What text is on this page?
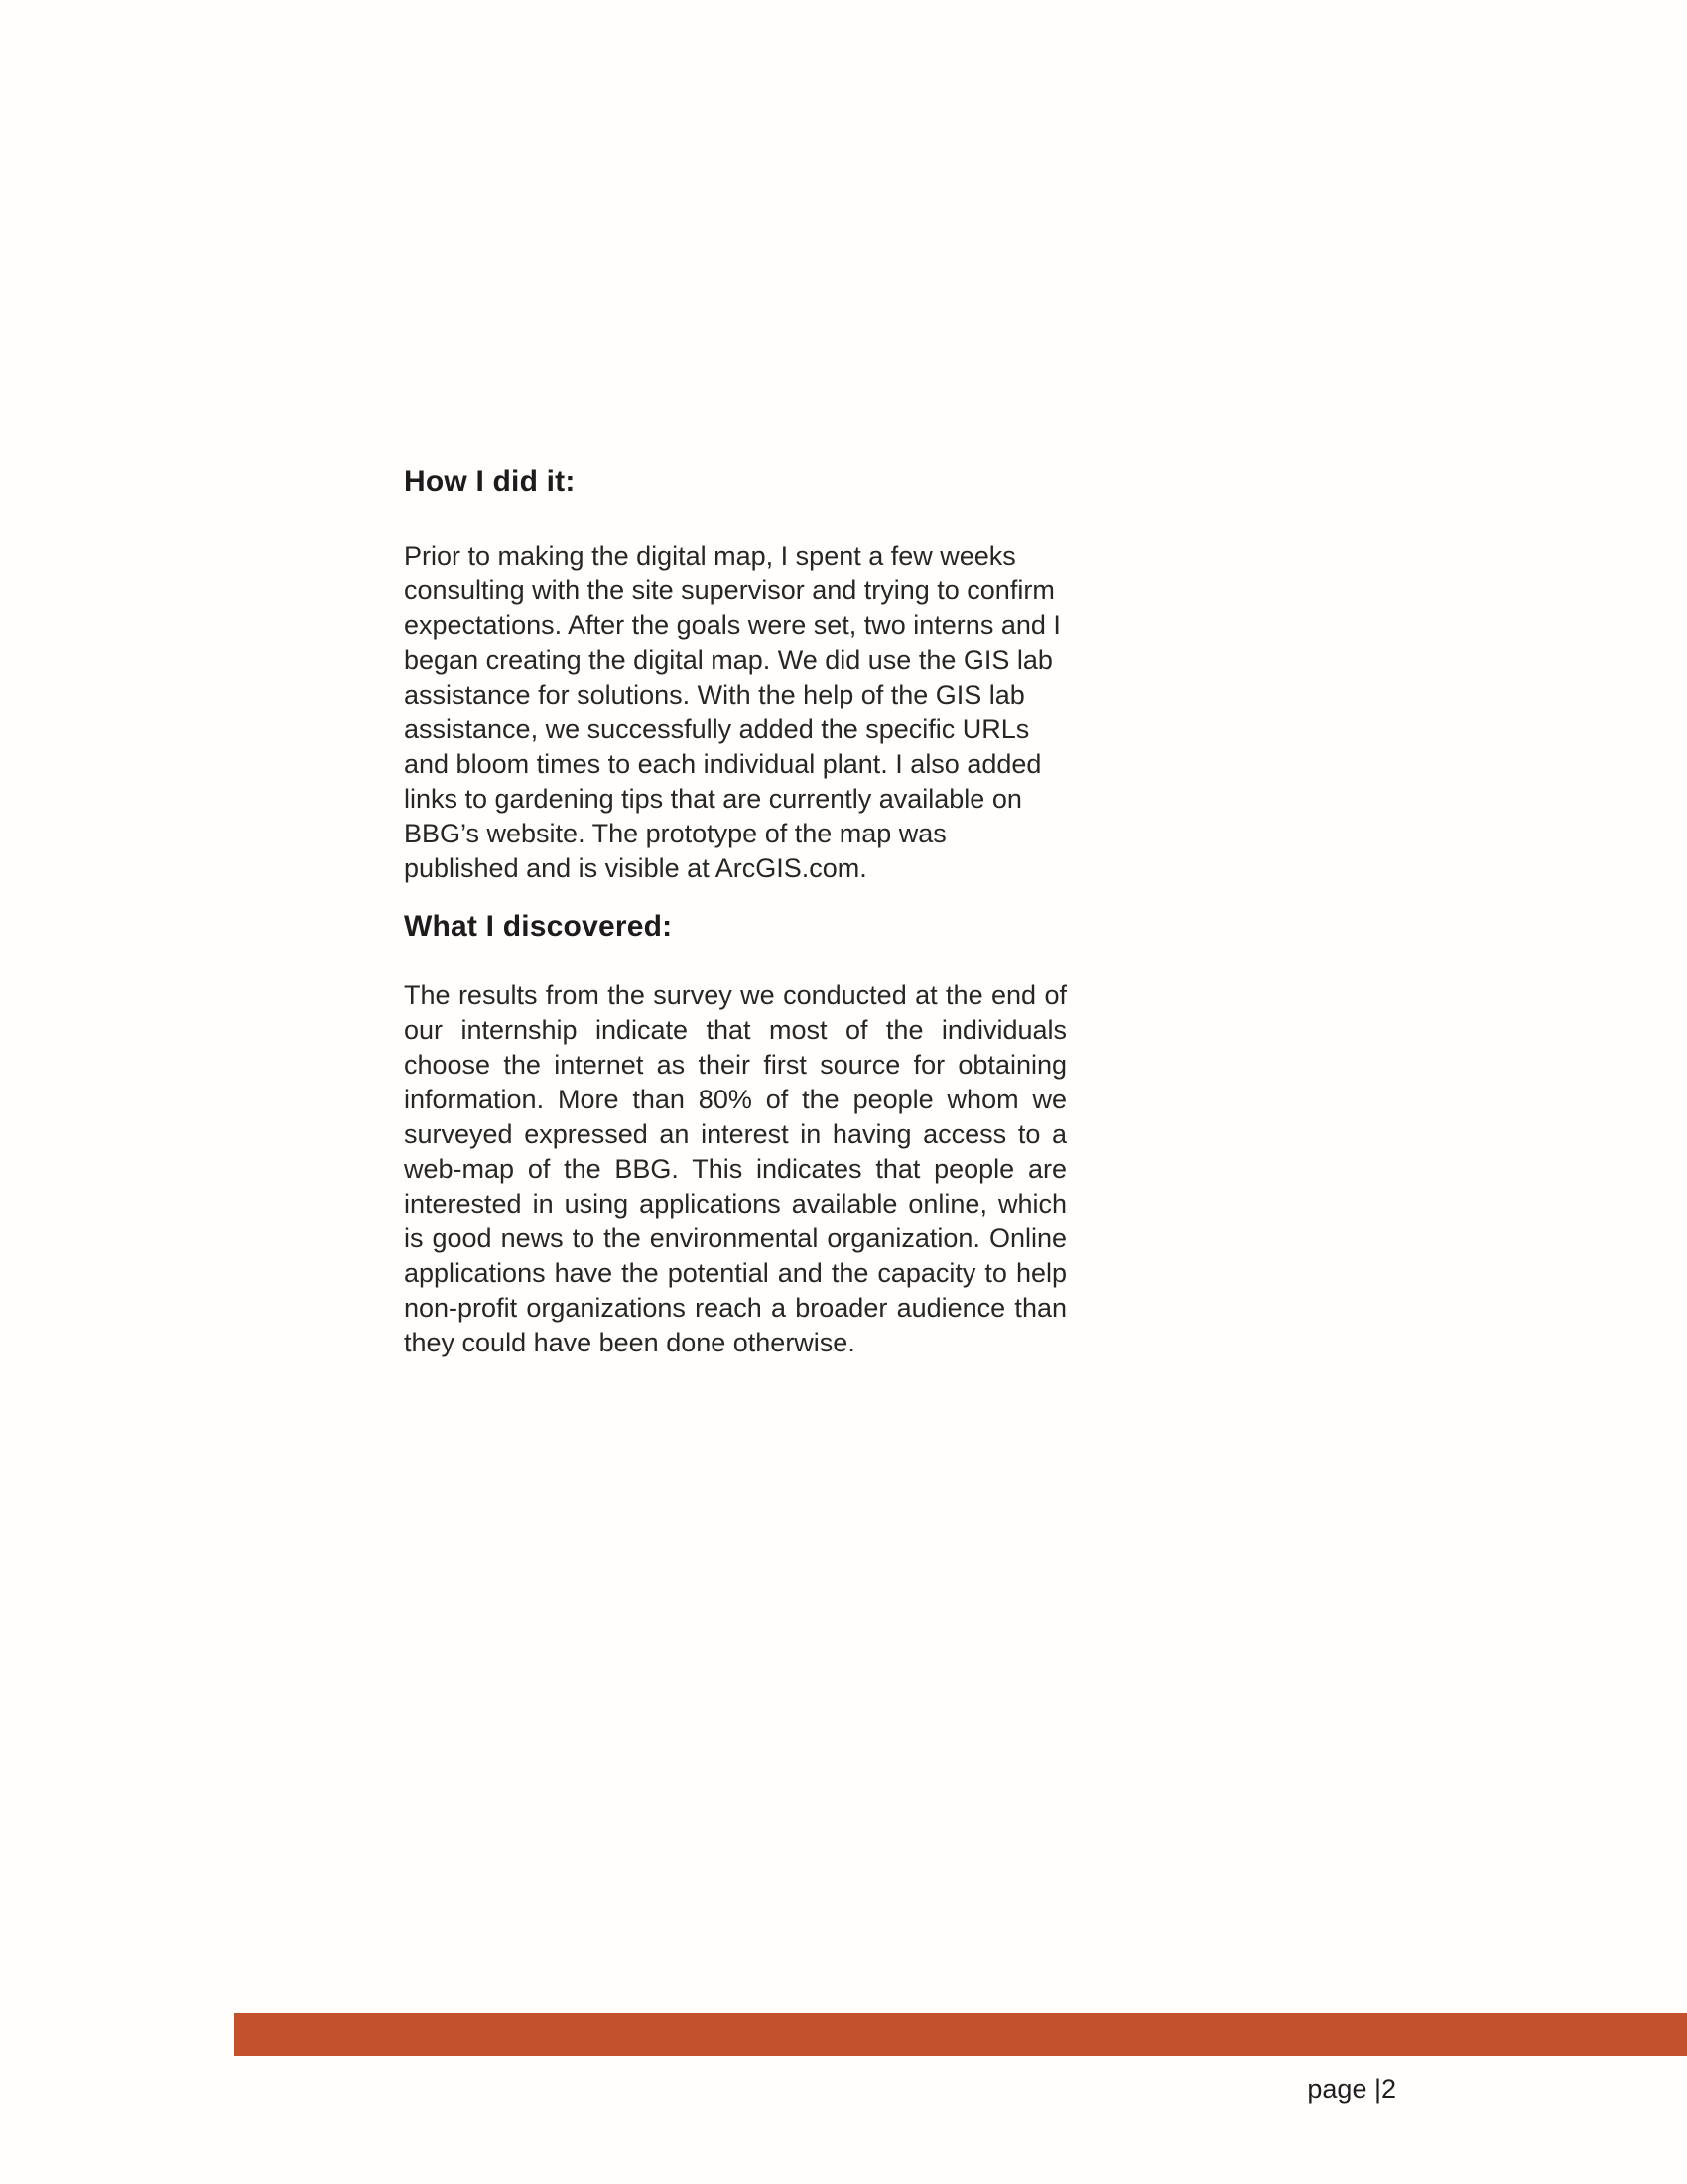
How I did it:

Prior to making the digital map, I spent a few weeks consulting with the site supervisor and trying to confirm expectations. After the goals were set, two interns and I began creating the digital map. We did use the GIS lab assistance for solutions. With the help of the GIS lab assistance, we successfully added the specific URLs and bloom times to each individual plant. I also added links to gardening tips that are currently available on BBG’s website. The prototype of the map was published and is visible at ArcGIS.com.

What I discovered:

The results from the survey we conducted at the end of our internship indicate that most of the individuals choose the internet as their first source for obtaining information. More than 80% of the people whom we surveyed expressed an interest in having access to a web-map of the BBG. This indicates that people are interested in using applications available online, which is good news to the environmental organization. Online applications have the potential and the capacity to help non-profit organizations reach a broader audience than they could have been done otherwise.

page |2
